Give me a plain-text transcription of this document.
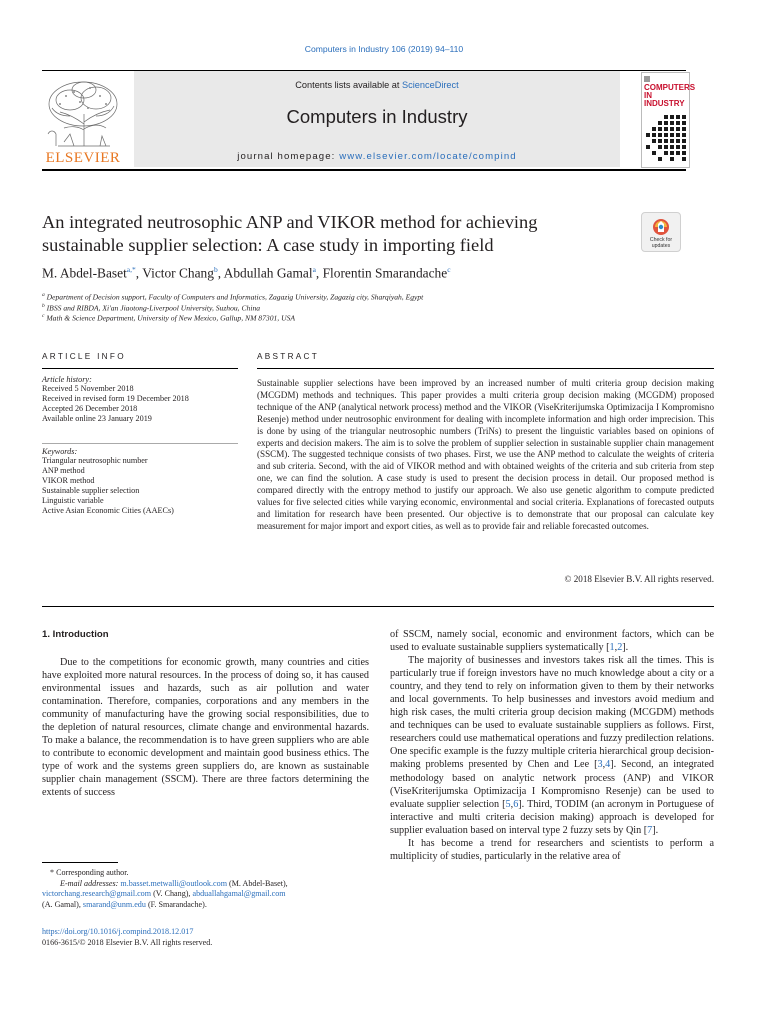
Computers in Industry 106 (2019) 94–110
Contents lists available at ScienceDirect
Computers in Industry
journal homepage: www.elsevier.com/locate/compind
ELSEVIER
COMPUTERS IN INDUSTRY
An integrated neutrosophic ANP and VIKOR method for achieving sustainable supplier selection: A case study in importing field	Check for updates
M. Abdel-Baset$^{a,*}$, Victor Chang$^b$, Abdullah Gamal$^a$, Florentin Smarandache$^c$
$^a$ Department of Decision support, Faculty of Computers and Informatics, Zagazig University, Zagazig city, Sharqiyah, Egypt
$^b$ IBSS and RIBDA, Xi'an Jiaotong-Liverpool University, Suzhou, China
$^c$ Math & Science Department, University of New Mexico, Gallup, NM 87301, USA
ARTICLE INFO
Article history:
Received 5 November 2018
Received in revised form 19 December 2018
Accepted 26 December 2018
Available online 23 January 2019
Keywords:
Triangular neutrosophic number
ANP method
VIKOR method
Sustainable supplier selection
Linguistic variable
Active Asian Economic Cities (AAECs)
ABSTRACT
Sustainable supplier selections have been improved by an increased number of multi criteria group decision making (MCGDM) methods and techniques. This paper provides a multi criteria group decision making (MCGDM) proposed technique of the ANP (analytical network process) method and the VIKOR (ViseKriterijumska Optimizacija I Kompromisno Resenje) method under neutrosophic environment for dealing with incomplete information and high order imprecision. This is done by using of the triangular neutrosophic numbers (TriNs) to present the linguistic variables based on opinions of experts and decision makers. The aim is to solve the problem of supplier selection in sustainable supplier chain management (SSCM). The suggested technique consists of two phases. First, we use the ANP method to calculate the weights of criteria and sub criteria. Second, with the aid of VIKOR method and with obtained weights of the criteria and sub criteria from step one, we can find the solution. A case study is used to present the decision process in detail. Our proposed method is compared directly with the entropy method to justify our approach. We also use genetic algorithm to compute predicted values for five selected cities while varying economic, environmental and social criteria. Explanations of forecasted outputs and limitation for research have been presented. Our objective is to demonstrate that our proposal can calculate key measurement for major import and export cities, as well as to provide fair and reliable forecasted outcomes.
© 2018 Elsevier B.V. All rights reserved.
1. Introduction

Due to the competitions for economic growth, many countries and cities have exploited more natural resources. In the process of doing so, it has caused environmental issues and hazards, such as air pollution and water contamination. Therefore, companies, corporations and any members in the community of manufacturing have the growing social responsibilities, due to the depletion of natural resources, climate change and environmental hazards. To make a balance, the recommendation is to have green suppliers who are able to contribute to economic development and maintain good business ethics. The type of work and the systems green suppliers do, are known as sustainable supplier chain management (SSCM). There are three factors determining the extents of success

of SSCM, namely social, economic and environment factors, which can be used to evaluate sustainable suppliers systematically [1,2].

The majority of businesses and investors takes risk all the times. This is particularly true if foreign investors have no much knowledge about a city or a country, and they tend to rely on information given to them by their networks and local governments. To help businesses and investors avoid medium and high risk cases, the multi criteria group decision making (MCGDM) methods and techniques can be used to evaluate sustainable suppliers as follows. First, researchers could use mathematical operations and fuzzy predilection relations. One specific example is the fuzzy multiple criteria hierarchical group decision-making problems presented by Chen and Lee [3,4]. Second, an integrated methodology based on analytic network process (ANP) and VIKOR (ViseKriterijumska Optimizacija I Kompromisno Resenje) can be used to evaluate supplier selection [5,6]. Third, TODIM (an acronym in Portuguese of interactive and multi criteria decision making) approach is developed for supplier evaluation based on interval type 2 fuzzy sets by Qin [7].

It has become a trend for researchers and scientists to perform a multiplicity of studies, particularly in the relative area of

* Corresponding author.
E-mail addresses: m.basset.metwalli@outlook.com (M. Abdel-Baset),
victorchang.research@gmail.com (V. Chang), abduallahgamal@gmail.com
(A. Gamal), smarand@unm.edu (F. Smarandache).
https://doi.org/10.1016/j.compind.2018.12.017
0166-3615/© 2018 Elsevier B.V. All rights reserved.
